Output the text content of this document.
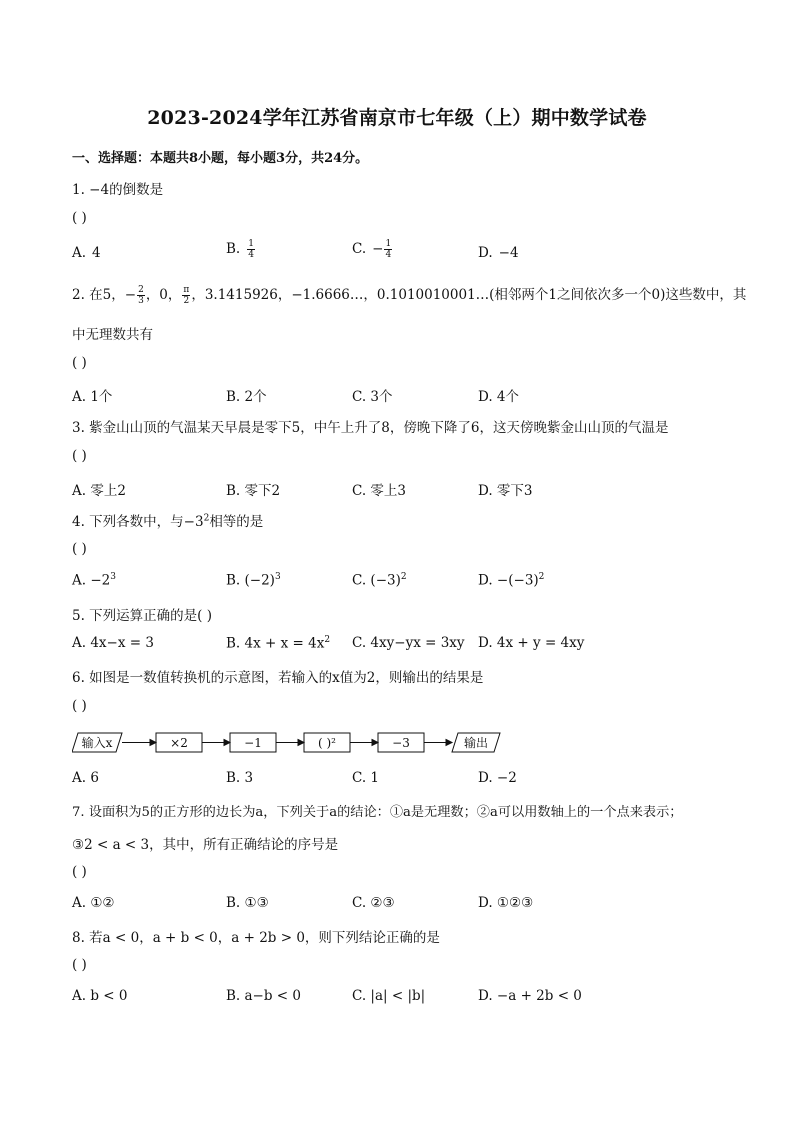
2023-2024学年江苏省南京市七年级（上）期中数学试卷
一、选择题：本题共8小题，每小题3分，共24分。
1. −4的倒数是
( )
A. 4	B. $\frac{1}{4}$	C. − $\frac{1}{4}$	D. −4
2. 在5，− $\frac{2}{3}$ ，0， $\frac{\pi}{2}$ ，3.1415926，−1.6666…，0.1010010001…(相邻两个1之间依次多一个0)这些数中，其
中无理数共有
( )
A. 1个	B. 2个	C. 3个	D. 4个
3. 紫金山山顶的气温某天早晨是零下5，中午上升了8，傍晚下降了6，这天傍晚紫金山山顶的气温是
( )
A. 零上2	B. 零下2	C. 零上3	D. 零下3
4. 下列各数中，与$-3^2$相等的是
( )
A. $-2^3$	B. $(-2)^3$	C. $(-3)^2$	D. $-(-3)^2$
5. 下列运算正确的是( )
A. 4x−x = 3	B. $4x + x = 4x^2$ C. 4xy−yx = 3xy D. 4x + y = 4xy
6. 如图是一数值转换机的示意图，若输入的x值为2，则输出的结果是
( )
输入x	×2	−1	( )²	−3	输出
A. 6	B. 3	C. 1	D. −2
7. 设面积为5的正方形的边长为a，下列关于a的结论：①a是无理数；②a可以用数轴上的一个点来表示；
③2 < a < 3，其中，所有正确结论的序号是
( )
A. ①②	B. ①③	C. ②③	D. ①②③
8. 若a < 0，a + b < 0，a + 2b > 0，则下列结论正确的是
( )
A. b < 0	B. a−b < 0	C. |a| < |b|	D. −a + 2b < 0
